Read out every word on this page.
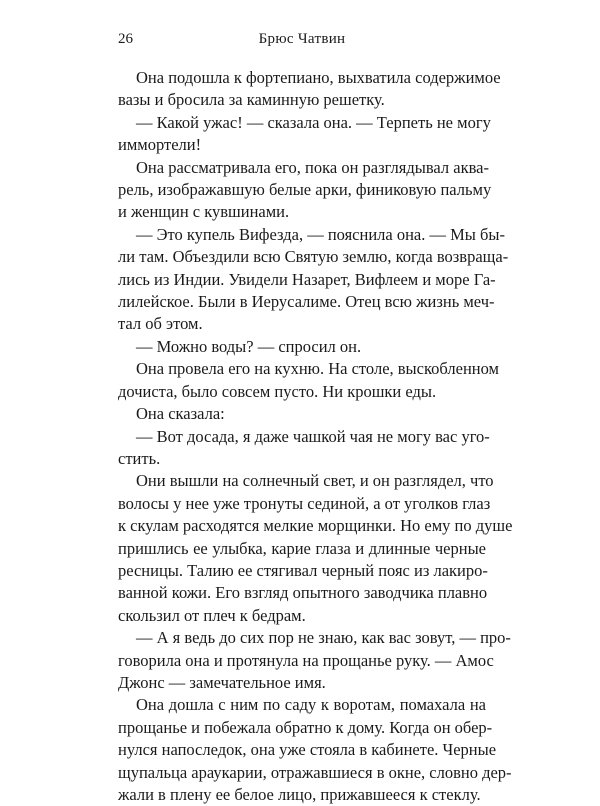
26	Брюс Чатвин
Она подошла к фортепиано, выхватила содержимое
вазы и бросила за каминную решетку.
— Какой ужас! — сказала она. — Терпеть не могу
иммортели!
Она рассматривала его, пока он разглядывал аква-
рель, изображавшую белые арки, финиковую пальму
и женщин с кувшинами.
— Это купель Вифезда, — пояснила она. — Мы бы-
ли там. Объездили всю Святую землю, когда возвраща-
лись из Индии. Увидели Назарет, Вифлеем и море Га-
лилейское. Были в Иерусалиме. Отец всю жизнь меч-
тал об этом.
— Можно воды? — спросил он.
Она провела его на кухню. На столе, выскобленном
дочиста, было совсем пусто. Ни крошки еды.
Она сказала:
— Вот досада, я даже чашкой чая не могу вас уго-
стить.
Они вышли на солнечный свет, и он разглядел, что
волосы у нее уже тронуты сединой, а от уголков глаз
к скулам расходятся мелкие морщинки. Но ему по душе
пришлись ее улыбка, карие глаза и длинные черные
ресницы. Талию ее стягивал черный пояс из лакиро-
ванной кожи. Его взгляд опытного заводчика плавно
скользил от плеч к бедрам.
— А я ведь до сих пор не знаю, как вас зовут, — про-
говорила она и протянула на прощанье руку. — Амос
Джонс — замечательное имя.
Она дошла с ним по саду к воротам, помахала на
прощанье и побежала обратно к дому. Когда он обер-
нулся напоследок, она уже стояла в кабинете. Черные
щупальца араукарии, отражавшиеся в окне, словно дер-
жали в плену ее белое лицо, прижавшееся к стеклу.
